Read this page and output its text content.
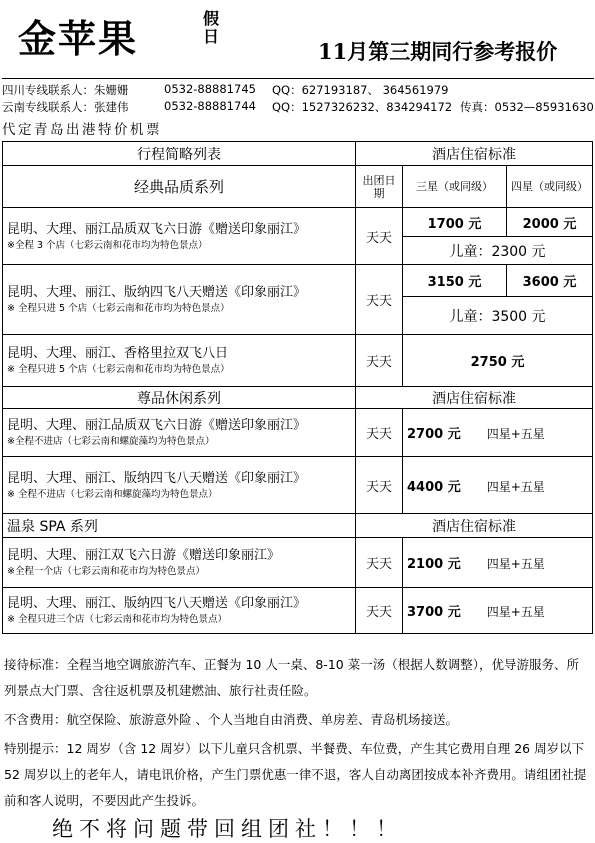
金苹果	假日
11月第三期同行参考报价
四川专线联系人：朱姗姗	0532-88881745 QQ：627193187、 364561979
云南专线联系人：张建伟	0532-88881744 QQ：1527326232、834294172 传真：0532—85931630
代定青岛出港特价机票
行程简略列表	酒店住宿标准		
经典品质系列	出团日期	三星（或同级）	四星（或同级）

昆明、大理、丽江品质双飞六日游《赠送印象丽江》
※全程 3 个店（七彩云南和花市均为特色景点）	天天	1700 元	2000 元
		儿童：2300 元	

昆明、大理、丽江、版纳四飞八天赠送《印象丽江》
※ 全程只进 5 个店（七彩云南和花市均为特色景点）	天天	3150 元	3600 元
		儿童：3500 元	

昆明、大理、丽江、香格里拉双飞八日
※ 全程只进 5 个店（七彩云南和花市均为特色景点）	天天	2750 元	
尊品休闲系列	酒店住宿标准		

昆明、大理、丽江品质双飞六日游《赠送印象丽江》
※全程不进店（七彩云南和螺旋藻均为特色景点）	天天	2700 元 四星+五星	

昆明、大理、丽江、版纳四飞八天赠送《印象丽江》
※ 全程不进店（七彩云南和螺旋藻均为特色景点）	天天	4400 元 四星+五星	
温泉 SPA 系列	酒店住宿标准		

昆明、大理、丽江双飞六日游《赠送印象丽江》
※全程一个店（七彩云南和花市均为特色景点）	天天	2100 元 四星+五星	

昆明、大理、丽江、版纳四飞八天赠送《印象丽江》
※ 全程只进三个店（七彩云南和花市均为特色景点）	天天	3700 元 四星+五星	

接待标准：全程当地空调旅游汽车、正餐为 10 人一桌、8-10 菜一汤（根据人数调整），优导游服务、所列景点大门票、含往返机票及机建燃油、旅行社责任险。

不含费用：航空保险、旅游意外险 、个人当地自由消费、单房差、青岛机场接送。

特别提示：12 周岁（含 12 周岁）以下儿童只含机票、半餐费、车位费，产生其它费用自理 26 周岁以下 52 周岁以上的老年人，请电讯价格，产生门票优惠一律不退，客人自动离团按成本补齐费用。请组团社提前和客人说明，不要因此产生投诉。

绝不将问题带回组团社！！！
